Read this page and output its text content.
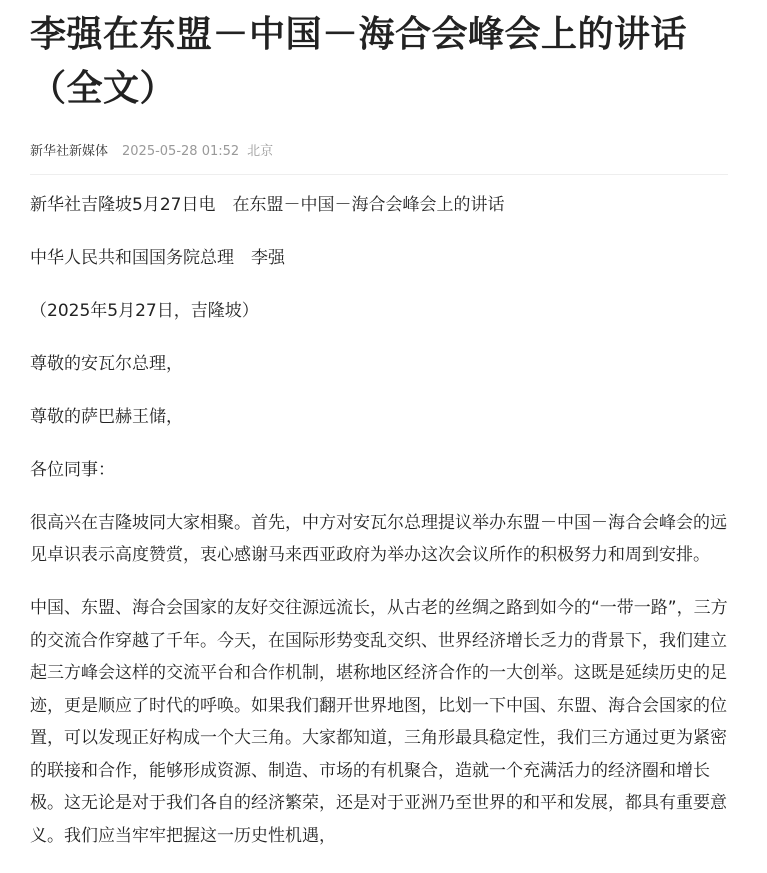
李强在东盟－中国－海合会峰会上的讲话（全文）
新华社新媒体 2025-05-28 01:52 北京

新华社吉隆坡5月27日电　在东盟－中国－海合会峰会上的讲话

中华人民共和国国务院总理　李强

（2025年5月27日，吉隆坡）

尊敬的安瓦尔总理，

尊敬的萨巴赫王储，

各位同事：

很高兴在吉隆坡同大家相聚。首先，中方对安瓦尔总理提议举办东盟－中国－海合会峰会的远见卓识表示高度赞赏，衷心感谢马来西亚政府为举办这次会议所作的积极努力和周到安排。

中国、东盟、海合会国家的友好交往源远流长，从古老的丝绸之路到如今的“一带一路”，三方的交流合作穿越了千年。今天，在国际形势变乱交织、世界经济增长乏力的背景下，我们建立起三方峰会这样的交流平台和合作机制，堪称地区经济合作的一大创举。这既是延续历史的足迹，更是顺应了时代的呼唤。如果我们翻开世界地图，比划一下中国、东盟、海合会国家的位置，可以发现正好构成一个大三角。大家都知道，三角形最具稳定性，我们三方通过更为紧密的联接和合作，能够形成资源、制造、市场的有机聚合，造就一个充满活力的经济圈和增长极。这无论是对于我们各自的经济繁荣，还是对于亚洲乃至世界的和平和发展，都具有重要意义。我们应当牢牢把握这一历史性机遇，
